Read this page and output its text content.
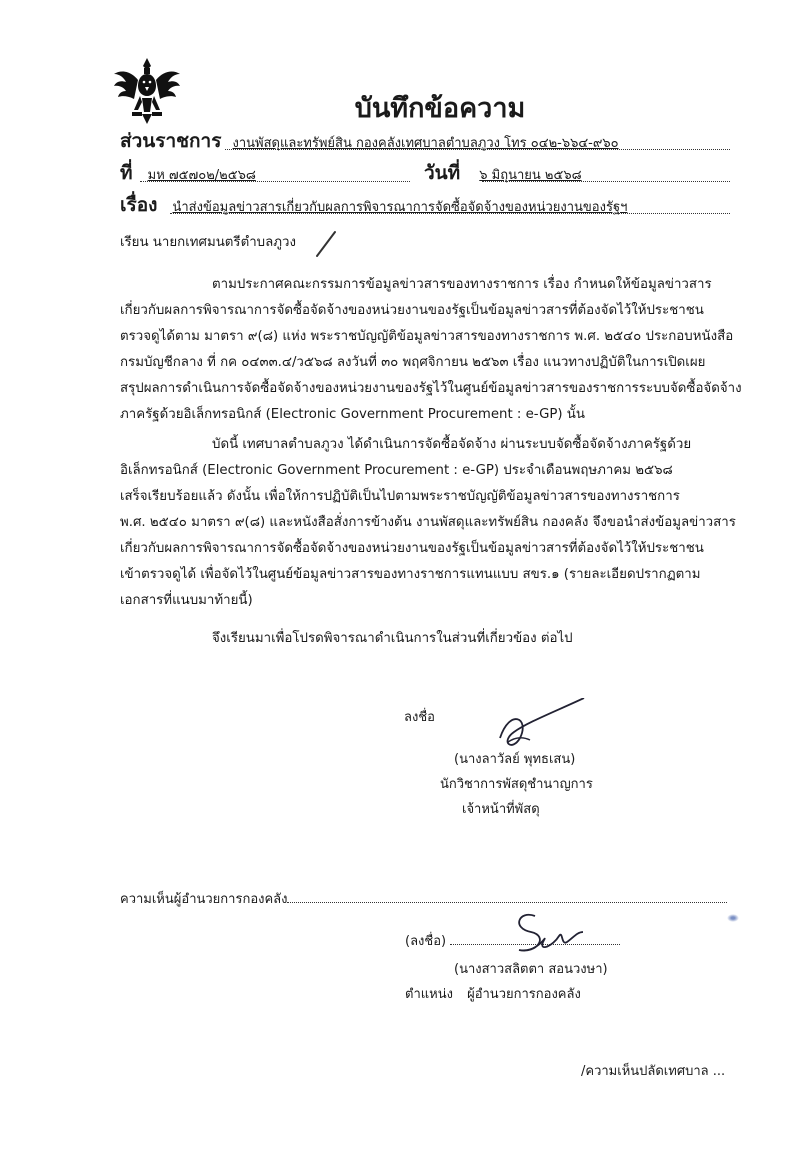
บันทึกข้อความ
ส่วนราชการ งานพัสดุและทรัพย์สิน กองคลังเทศบาลตำบลภูวง โทร ๐๔๒-๖๖๔-๙๖๐
ที่ มห ๗๕๗๐๒/๒๕๖๘	วันที่ ๖ มิถุนายน ๒๕๖๘
เรื่อง นำส่งข้อมูลข่าวสารเกี่ยวกับผลการพิจารณาการจัดซื้อจัดจ้างของหน่วยงานของรัฐฯ
เรียน นายกเทศมนตรีตำบลภูวง
ตามประกาศคณะกรรมการข้อมูลข่าวสารของทางราชการ เรื่อง กำหนดให้ข้อมูลข่าวสาร
เกี่ยวกับผลการพิจารณาการจัดซื้อจัดจ้างของหน่วยงานของรัฐเป็นข้อมูลข่าวสารที่ต้องจัดไว้ให้ประชาชน
ตรวจดูได้ตาม มาตรา ๙(๘) แห่ง พระราชบัญญัติข้อมูลข่าวสารของทางราชการ พ.ศ. ๒๕๔๐ ประกอบหนังสือ
กรมบัญชีกลาง ที่ กค ๐๔๓๓.๔/ว๕๖๘ ลงวันที่ ๓๐ พฤศจิกายน ๒๕๖๓ เรื่อง แนวทางปฏิบัติในการเปิดเผย
สรุปผลการดำเนินการจัดซื้อจัดจ้างของหน่วยงานของรัฐไว้ในศูนย์ข้อมูลข่าวสารของราชการระบบจัดซื้อจัดจ้าง
ภาครัฐด้วยอิเล็กทรอนิกส์ (Electronic Government Procurement : e-GP) นั้น
บัดนี้ เทศบาลตำบลภูวง ได้ดำเนินการจัดซื้อจัดจ้าง ผ่านระบบจัดซื้อจัดจ้างภาครัฐด้วย
อิเล็กทรอนิกส์ (Electronic Government Procurement : e-GP) ประจำเดือนพฤษภาคม ๒๕๖๘
เสร็จเรียบร้อยแล้ว ดังนั้น เพื่อให้การปฏิบัติเป็นไปตามพระราชบัญญัติข้อมูลข่าวสารของทางราชการ
พ.ศ. ๒๕๔๐ มาตรา ๙(๘) และหนังสือสั่งการข้างต้น งานพัสดุและทรัพย์สิน กองคลัง จึงขอนำส่งข้อมูลข่าวสาร
เกี่ยวกับผลการพิจารณาการจัดซื้อจัดจ้างของหน่วยงานของรัฐเป็นข้อมูลข่าวสารที่ต้องจัดไว้ให้ประชาชน
เข้าตรวจดูได้ เพื่อจัดไว้ในศูนย์ข้อมูลข่าวสารของทางราชการแทนแบบ สขร.๑ (รายละเอียดปรากฏตาม
เอกสารที่แนบมาท้ายนี้)
จึงเรียนมาเพื่อโปรดพิจารณาดำเนินการในส่วนที่เกี่ยวข้อง ต่อไป
ลงชื่อ
(นางลาวัลย์ พุทธเสน)
นักวิชาการพัสดุชำนาญการ
เจ้าหน้าที่พัสดุ
ความเห็นผู้อำนวยการกองคลัง
(ลงชื่อ)
(นางสาวสลิตตา สอนวงษา)
ตำแหน่ง ผู้อำนวยการกองคลัง
/ความเห็นปลัดเทศบาล ...
